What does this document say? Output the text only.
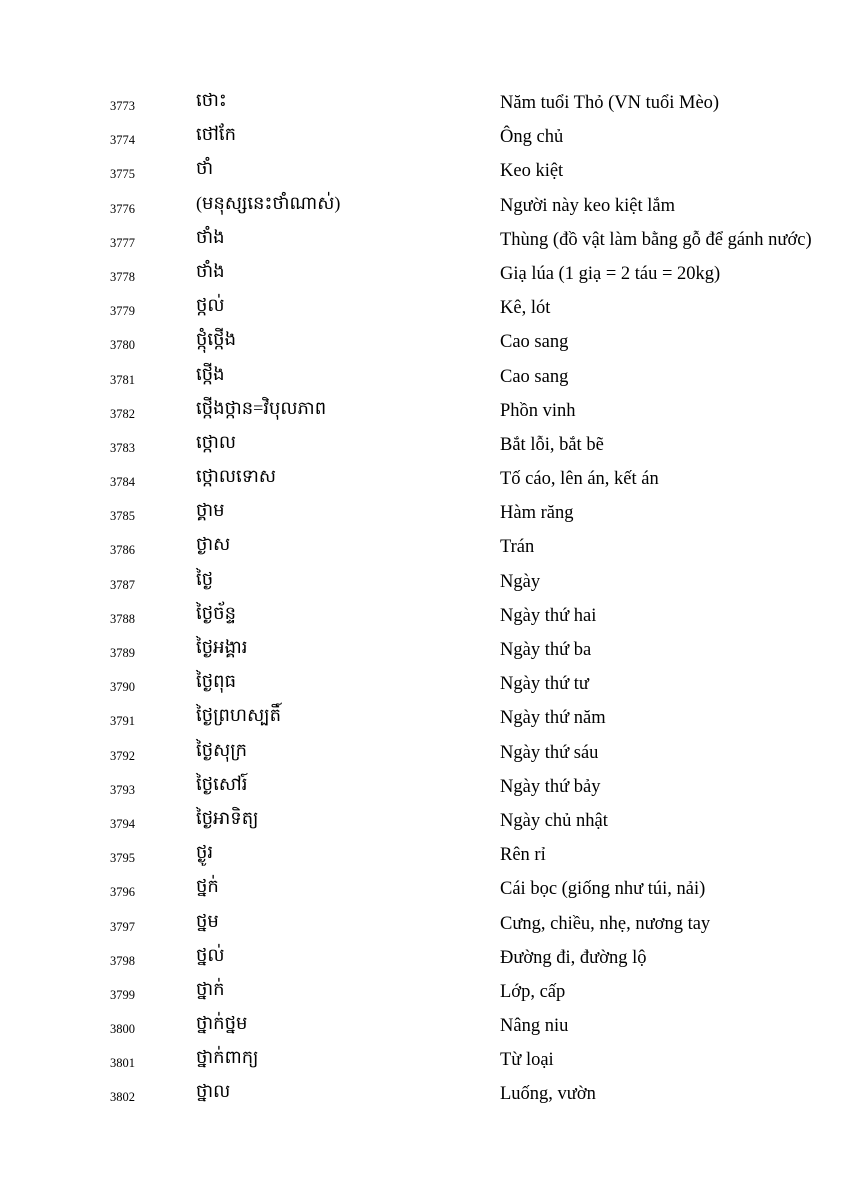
3773	ថោះ	Năm tuổi Thỏ (VN tuổi Mèo)
3774	ថៅកែ	Ông chủ
3775	ថាំ	Keo kiệt
3776	(មនុស្សនេះថាំណាស់)	Người này keo kiệt lắm
3777	ថាំង	Thùng (đồ vật làm bằng gỗ để gánh nước)
3778	ថាំង	Giạ lúa (1 giạ = 2 táu = 20kg)
3779	ថ្កល់	Kê, lót
3780	ថ្កុំថ្កើង	Cao sang
3781	ថ្កើង	Cao sang
3782	ថ្កើងថ្កាន=វិបុលភាព	Phồn vinh
3783	ថ្កោល	Bắt lỗi, bắt bẽ
3784	ថ្កោលទោស	Tố cáo, lên án, kết án
3785	ថ្គាម	Hàm răng
3786	ថ្ងាស	Trán
3787	ថ្ងៃ	Ngày
3788	ថ្ងៃច័ន្ទ	Ngày thứ hai
3789	ថ្ងៃអង្គារ	Ngày thứ ba
3790	ថ្ងៃពុធ	Ngày thứ tư
3791	ថ្ងៃព្រហស្បតិ៍	Ngày thứ năm
3792	ថ្ងៃសុក្រ	Ngày thứ sáu
3793	ថ្ងៃសៅរ៍	Ngày thứ bảy
3794	ថ្ងៃអាទិត្យ	Ngày chủ nhật
3795	ថ្ងូរ	Rên rỉ
3796	ថ្នក់	Cái bọc (giống như túi, nải)
3797	ថ្នម	Cưng, chiều, nhẹ, nương tay
3798	ថ្នល់	Đường đi, đường lộ
3799	ថ្នាក់	Lớp, cấp
3800	ថ្នាក់ថ្នម	Nâng niu
3801	ថ្នាក់ពាក្យ	Từ loại
3802	ថ្នាល	Luống, vườn
